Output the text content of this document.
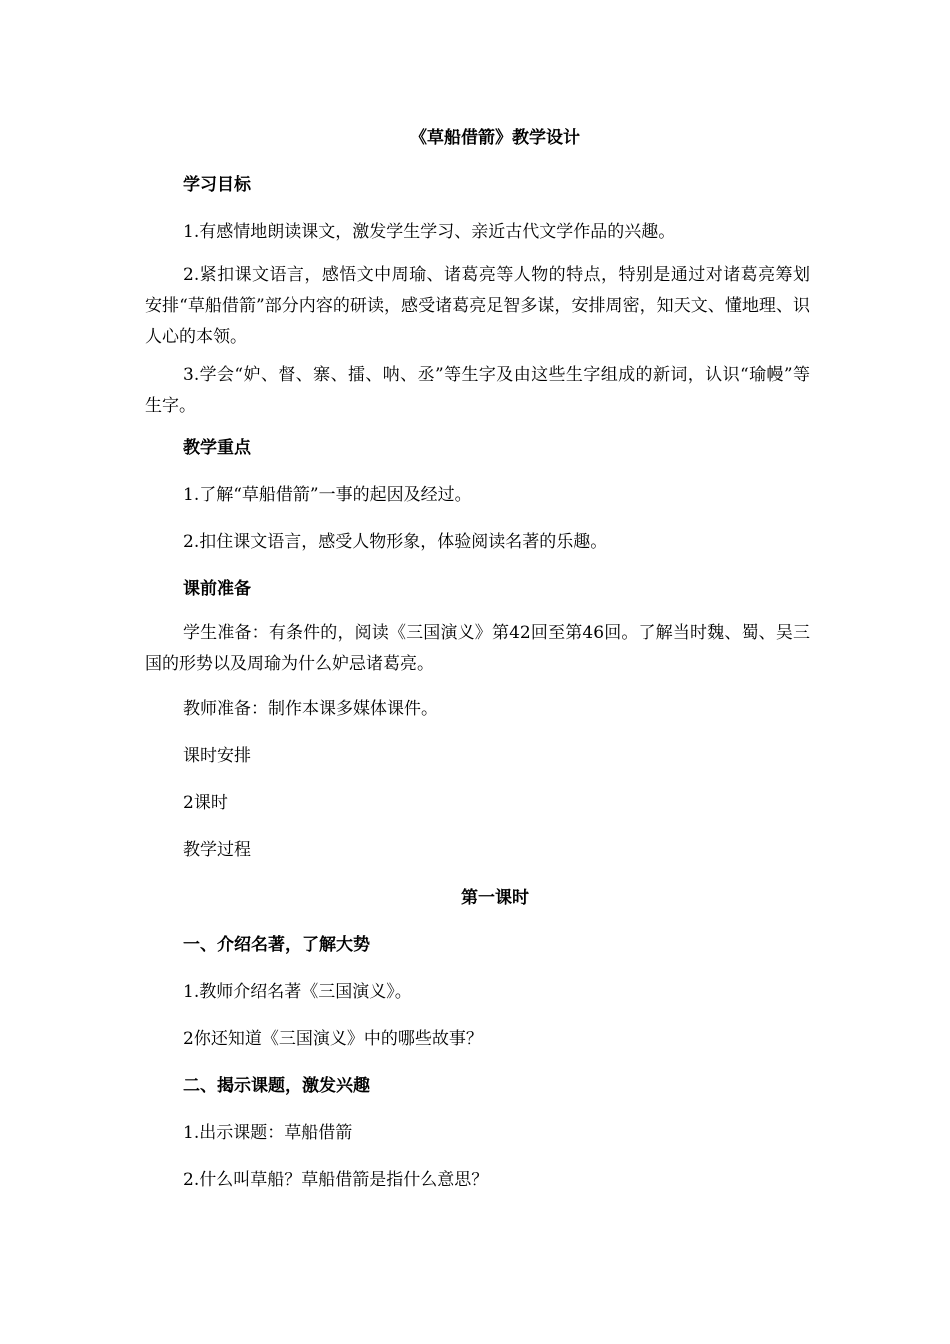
《草船借箭》教学设计
学习目标
1.有感情地朗读课文，激发学生学习、亲近古代文学作品的兴趣。
2.紧扣课文语言，感悟文中周瑜、诸葛亮等人物的特点，特别是通过对诸葛亮筹划安排“草船借箭”部分内容的研读，感受诸葛亮足智多谋，安排周密，知天文、懂地理、识人心的本领。
3.学会“妒、督、寨、擂、呐、丞”等生字及由这些生字组成的新词，认识“瑜幔”等生字。
教学重点
1.了解“草船借箭”一事的起因及经过。
2.扣住课文语言，感受人物形象，体验阅读名著的乐趣。
课前准备
学生准备：有条件的，阅读《三国演义》第42回至第46回。了解当时魏、蜀、吴三国的形势以及周瑜为什么妒忌诸葛亮。
教师准备：制作本课多媒体课件。
课时安排
2课时
教学过程
第一课时
一、介绍名著，了解大势
1.教师介绍名著《三国演义》。
2你还知道《三国演义》中的哪些故事？
二、揭示课题，激发兴趣
1.出示课题：草船借箭
2.什么叫草船？草船借箭是指什么意思？
